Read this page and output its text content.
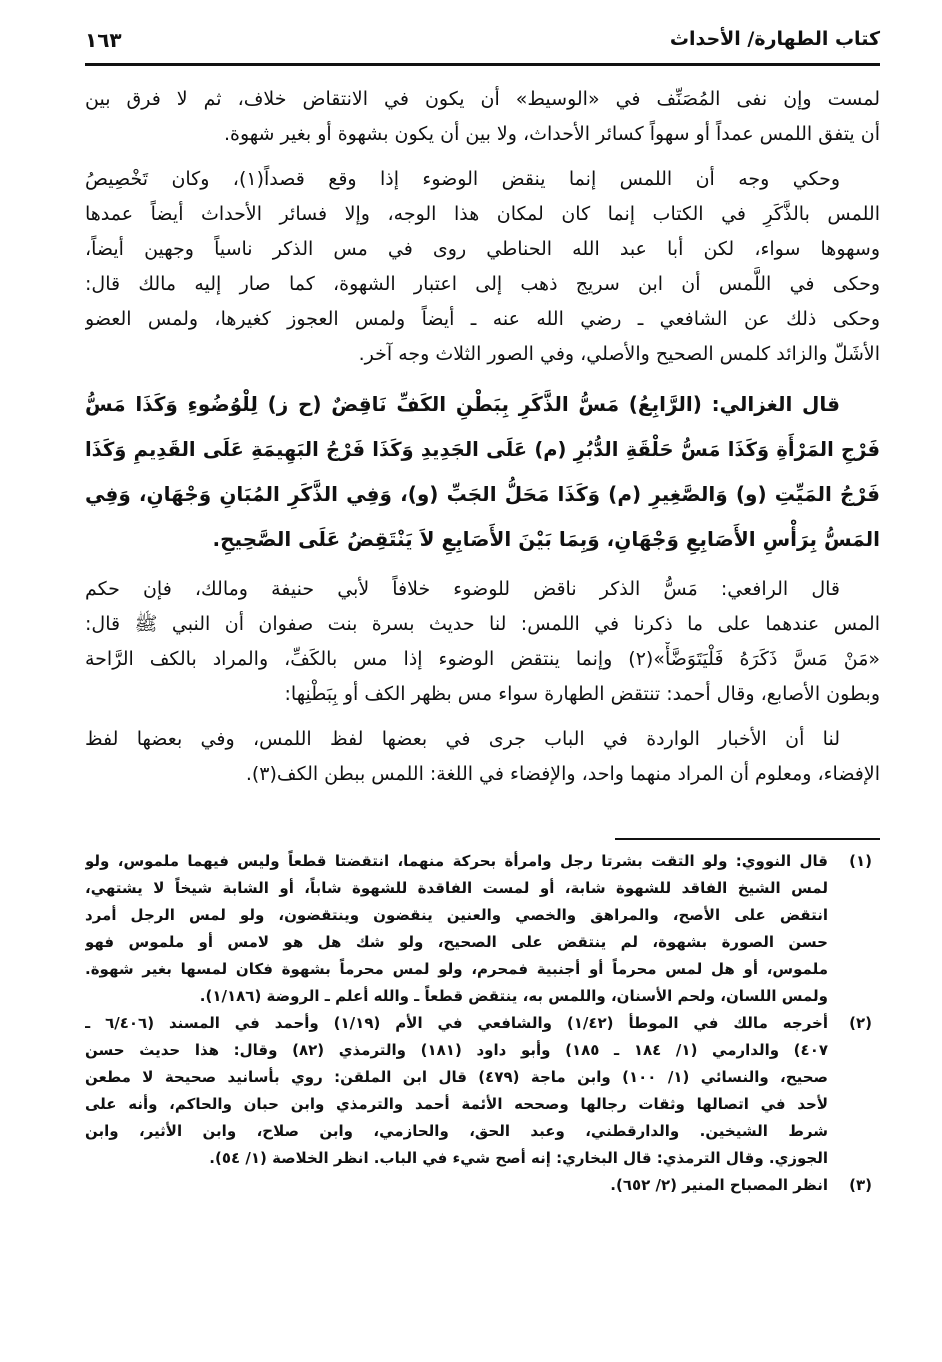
كتاب الطهارة/ الأحداث
١٦٣
لمست وإن نفى المُصَنِّف في «الوسيط» أن يكون في الانتقاض خلاف، ثم لا فرق بين
أن يتفق اللمس عمداً أو سهواً كسائر الأحداث، ولا بين أن يكون بشهوة أو بغير شهوة.
وحكي وجه أن اللمس إنما ينقض الوضوء إذا وقع قصداً(١)، وكان تَخْصِيصُ
اللمس بالذَّكَرِ في الكتاب إنما كان لمكان هذا الوجه، وإلا فسائر الأحداث أيضاً عمدها
وسهوها سواء، لكن أبا عبد الله الحناطي روى في مس الذكر ناسياً وجهين أيضاً،
وحكى في اللَّمس أن ابن سريج ذهب إلى اعتبار الشهوة، كما صار إليه مالك قال:
وحكى ذلك عن الشافعي ـ رضي الله عنه ـ أيضاً ولمس العجوز كغيرها، ولمس العضو
الأشَلّ والزائد كلمس الصحيح والأصلي، وفي الصور الثلاث وجه آخر.
قال الغزالي: (الرَّابِعُ) مَسُّ الذَّكَرِ بِبَطْنِ الكَفِّ نَاقِضٌ (ح ز) لِلْوُضُوءِ وَكَذَا مَسُّ
فَرْجِ المَرْأَةِ وَكَذَا مَسُّ حَلْقَةِ الدُّبُرِ (م) عَلَى الجَدِيدِ وَكَذَا فَرْجُ البَهِيمَةِ عَلَى القَدِيمِ وَكَذَا
فَرْجُ المَيِّتِ (و) وَالصَّغِيرِ (م) وَكَذَا مَحَلُّ الجَبِّ (و)، وَفِي الذَّكَرِ المُبَانِ وَجْهَانِ، وَفِي
المَسُّ بِرَأْسِ الأَصَابِعِ وَجْهَانِ، وَبِمَا بَيْنَ الأَصَابِعِ لاَ يَنْتَقِضُ عَلَى الصَّحِيحِ.
قال الرافعي: مَسُّ الذكر ناقض للوضوء خلافاً لأبي حنيفة ومالك، فإن حكم
المس عندهما على ما ذكرنا في اللمس: لنا حديث بسرة بنت صفوان أن النبي ﷺ قال:
«مَنْ مَسَّ ذَكَرَهُ فَلْيَتَوَضَّأْ»(٢) وإنما ينتقض الوضوء إذا مس بالكَفِّ، والمراد بالكف الرَّاحة
وبطون الأصابع، وقال أحمد: تنتقض الطهارة سواء مس بظهر الكف أو بِبَطْنِها:
لنا أن الأخبار الواردة في الباب جرى في بعضها لفظ اللمس، وفي بعضها لفظ
الإفضاء، ومعلوم أن المراد منهما واحد، والإفضاء في اللغة: اللمس ببطن الكف(٣).
(١)
قال النووي: ولو التقت بشرتا رجل وامرأة بحركة منهما، انتقضتا قطعاً وليس فيهما ملموس، ولو
لمس الشيخ الفاقد للشهوة شابة، أو لمست الفاقدة للشهوة شاباً، أو الشابة شيخاً لا يشتهي،
انتقض على الأصح، والمراهق والخصي والعنين ينقضون وينتقضون، ولو لمس الرجل أمرد
حسن الصورة بشهوة، لم ينتقض على الصحيح، ولو شك هل هو لامس أو ملموس فهو
ملموس، أو هل لمس محرماً أو أجنبية فمحرم، ولو لمس محرماً بشهوة فكان لمسها بغير شهوة.
ولمس اللسان، ولحم الأسنان، واللمس به، ينتقض قطعاً ـ والله أعلم ـ الروضة (١/١٨٦).
(٢)
أخرجه مالك في الموطأ (١/٤٢) والشافعي في الأم (١/١٩) وأحمد في المسند (٦/٤٠٦ ـ
٤٠٧) والدارمي (١/ ١٨٤ ـ ١٨٥) وأبو داود (١٨١) والترمذي (٨٢) وقال: هذا حديث حسن
صحيح، والنسائي (١/ ١٠٠) وابن ماجة (٤٧٩) قال ابن الملقن: روي بأسانيد صحيحة لا مطعن
لأحد في اتصالها وثقات رجالها وصححه الأئمة أحمد والترمذي وابن حبان والحاكم، وأنه على
شرط الشيخين. والدارقطني، وعبد الحق، والحازمي، وابن صلاح، وابن الأثير، وابن
الجوزي. وقال الترمذي: قال البخاري: إنه أصح شيء في الباب. انظر الخلاصة (١/ ٥٤).
(٣)
انظر المصباح المنير (٢/ ٦٥٢).
